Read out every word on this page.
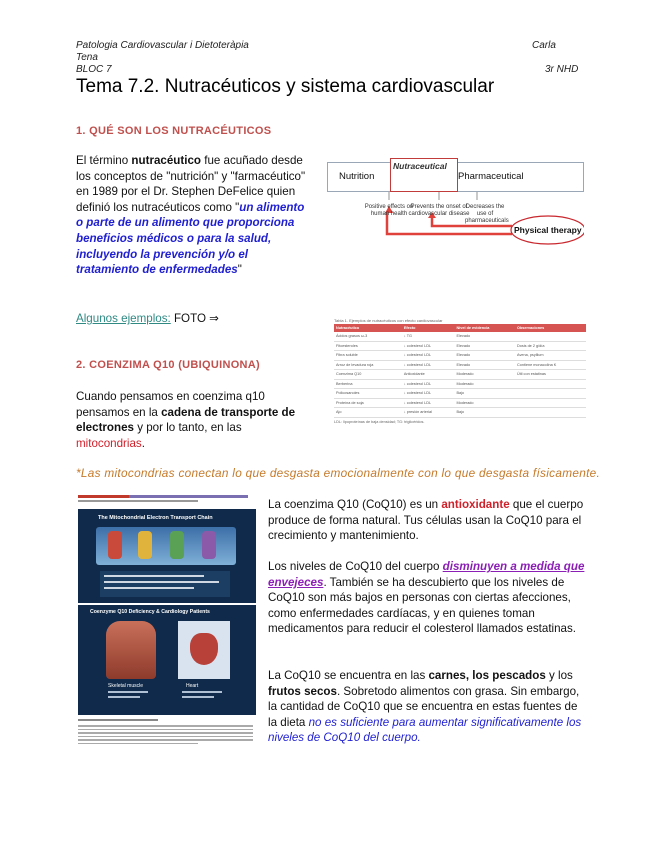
Patologia Cardiovascular i Dietoteràpia
Tena
BLOC 7
Carla
3r NHD
Tema 7.2. Nutracéuticos y sistema cardiovascular
1. QUÉ SON LOS NUTRACÉUTICOS
El término nutracéutico fue acuñado desde los conceptos de "nutrición" y "farmacéutico" en 1989 por el Dr. Stephen DeFelice quien definió los nutracéuticos como "un alimento o parte de un alimento que proporciona beneficios médicos o para la salud, incluyendo la prevención y/o el tratamiento de enfermedades"
Algunos ejemplos: FOTO ⇒
Nutrition
Nutraceutical
Pharmaceutical
Positive effects on human health
Prevents the onset of cardiovascular disease
Decreases the use of pharmaceuticals
Physical therapy
Tabla 1. Ejemplos de nutracéuticos con efecto cardiovascular
Nutracéutico	Efecto	Nivel de evidencia	Observaciones
Ácidos grasos ω-3	↓ TG	Elevado	
Fitoesteroles	↓ colesterol LDL	Elevado	Dosis de 2 g/día
Fibra soluble	↓ colesterol LDL	Elevado	Avena, psyllium
Arroz de levadura roja	↓ colesterol LDL	Elevado	Contiene monacolina K
Coenzima Q10	Antioxidante	Moderado	Útil con estatinas
Berberina	↓ colesterol LDL	Moderado	
Policosanoles	↓ colesterol LDL	Bajo	
Proteína de soja	↓ colesterol LDL	Moderado	
Ajo	↓ presión arterial	Bajo	
LDL: lipoproteínas de baja densidad; TG: triglicéridos.
2. COENZIMA Q10 (UBIQUINONA)
Cuando pensamos en coenzima q10 pensamos en la cadena de transporte de electrones y por lo tanto, en las mitocondrias.
*Las mitocondrias conectan lo que desgasta emocionalmente con lo que desgasta físicamente.
The Mitochondrial Electron Transport Chain
Coenzyme Q10 Deficiency & Cardiology Patients
Skeletal muscle	Heart
La coenzima Q10 (CoQ10) es un antioxidante que el cuerpo produce de forma natural. Tus células usan la CoQ10 para el crecimiento y mantenimiento.
Los niveles de CoQ10 del cuerpo disminuyen a medida que envejeces. También se ha descubierto que los niveles de CoQ10 son más bajos en personas con ciertas afecciones, como enfermedades cardíacas, y en quienes toman medicamentos para reducir el colesterol llamados estatinas.
La CoQ10 se encuentra en las carnes, los pescados y los frutos secos. Sobretodo alimentos con grasa. Sin embargo, la cantidad de CoQ10 que se encuentra en estas fuentes de la dieta no es suficiente para aumentar significativamente los niveles de CoQ10 del cuerpo.
